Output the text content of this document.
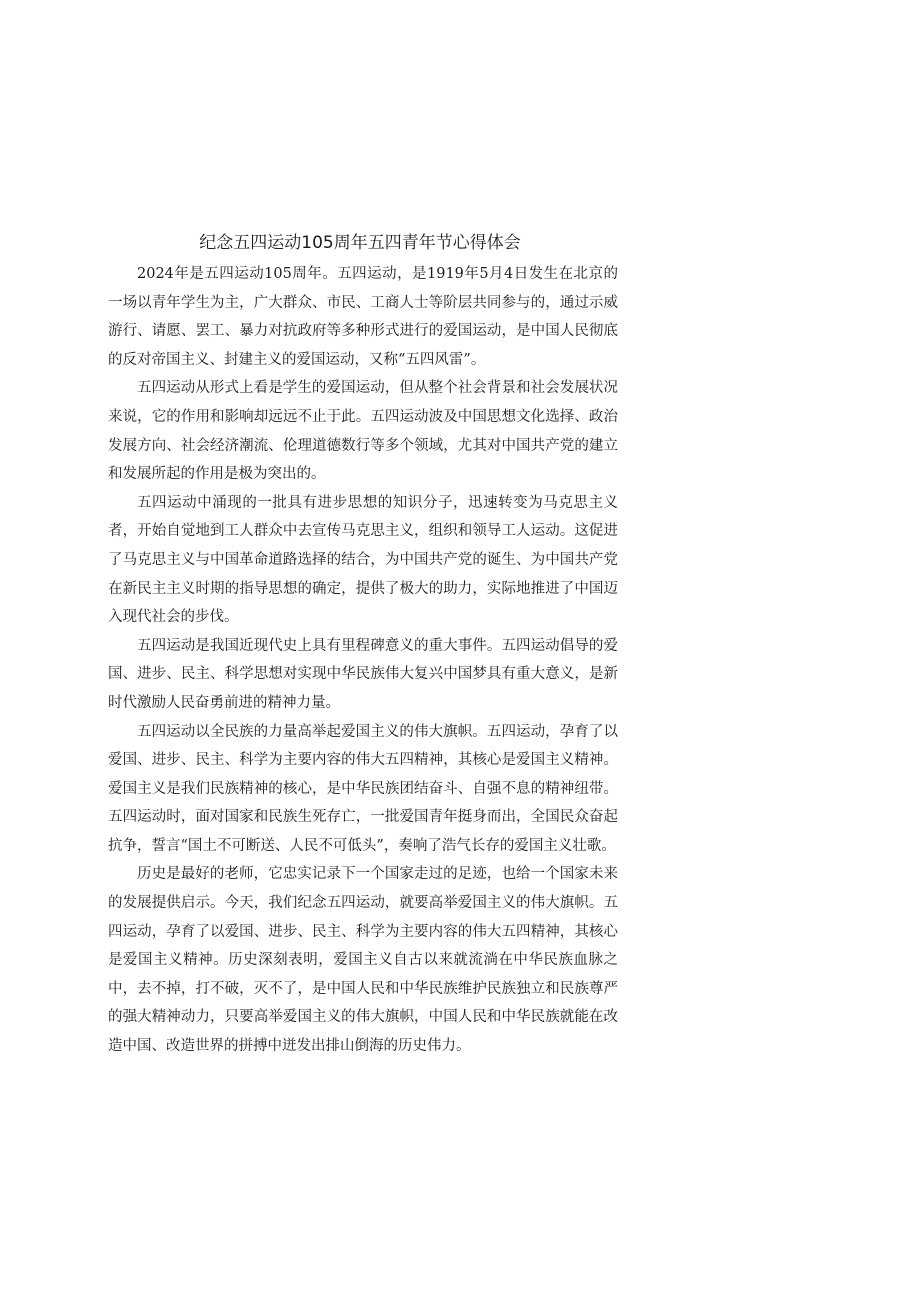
纪念五四运动105周年五四青年节心得体会

2024年是五四运动105周年。五四运动，是1919年5月4日发生在北京的一场以青年学生为主，广大群众、市民、工商人士等阶层共同参与的，通过示威游行、请愿、罢工、暴力对抗政府等多种形式进行的爱国运动，是中国人民彻底的反对帝国主义、封建主义的爱国运动，又称“五四风雷”。

五四运动从形式上看是学生的爱国运动，但从整个社会背景和社会发展状况来说，它的作用和影响却远远不止于此。五四运动波及中国思想文化选择、政治发展方向、社会经济潮流、伦理道德数行等多个领域，尤其对中国共产党的建立和发展所起的作用是极为突出的。

五四运动中涌现的一批具有进步思想的知识分子，迅速转变为马克思主义者，开始自觉地到工人群众中去宣传马克思主义，组织和领导工人运动。这促进了马克思主义与中国革命道路选择的结合，为中国共产党的诞生、为中国共产党在新民主主义时期的指导思想的确定，提供了极大的助力，实际地推进了中国迈入现代社会的步伐。

五四运动是我国近现代史上具有里程碑意义的重大事件。五四运动倡导的爱国、进步、民主、科学思想对实现中华民族伟大复兴中国梦具有重大意义，是新时代激励人民奋勇前进的精神力量。

五四运动以全民族的力量高举起爱国主义的伟大旗帜。五四运动，孕育了以爱国、进步、民主、科学为主要内容的伟大五四精神，其核心是爱国主义精神。爱国主义是我们民族精神的核心，是中华民族团结奋斗、自强不息的精神纽带。五四运动时，面对国家和民族生死存亡，一批爱国青年挺身而出，全国民众奋起抗争，誓言“国土不可断送、人民不可低头”，奏响了浩气长存的爱国主义壮歌。

历史是最好的老师，它忠实记录下一个国家走过的足迹，也给一个国家未来的发展提供启示。今天，我们纪念五四运动，就要高举爱国主义的伟大旗帜。五四运动，孕育了以爱国、进步、民主、科学为主要内容的伟大五四精神，其核心是爱国主义精神。历史深刻表明，爱国主义自古以来就流淌在中华民族血脉之中，去不掉，打不破，灭不了，是中国人民和中华民族维护民族独立和民族尊严的强大精神动力，只要高举爱国主义的伟大旗帜，中国人民和中华民族就能在改造中国、改造世界的拼搏中迸发出排山倒海的历史伟力。
